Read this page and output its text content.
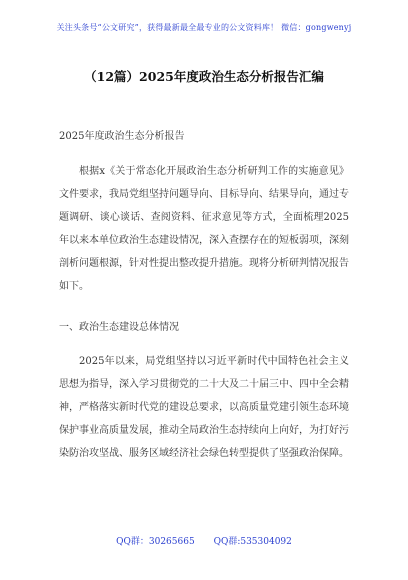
关注头条号“公文研究”，获得最新最全最专业的公文资料库！ 微信：gongwenyj
（12篇）2025年度政治生态分析报告汇编
2025年度政治生态分析报告

根据x《关于常态化开展政治生态分析研判工作的实施意见》文件要求，我局党组坚持问题导向、目标导向、结果导向，通过专题调研、谈心谈话、查阅资料、征求意见等方式，全面梳理2025年以来本单位政治生态建设情况，深入查摆存在的短板弱项，深刻剖析问题根源，针对性提出整改提升措施。现将分析研判情况报告如下。

一、政治生态建设总体情况

2025年以来，局党组坚持以习近平新时代中国特色社会主义思想为指导，深入学习贯彻党的二十大及二十届三中、四中全会精神，严格落实新时代党的建设总要求，以高质量党建引领生态环境保护事业高质量发展，推动全局政治生态持续向上向好，为打好污染防治攻坚战、服务区域经济社会绿色转型提供了坚强政治保障。

QQ群：30265665 QQ群:535304092
